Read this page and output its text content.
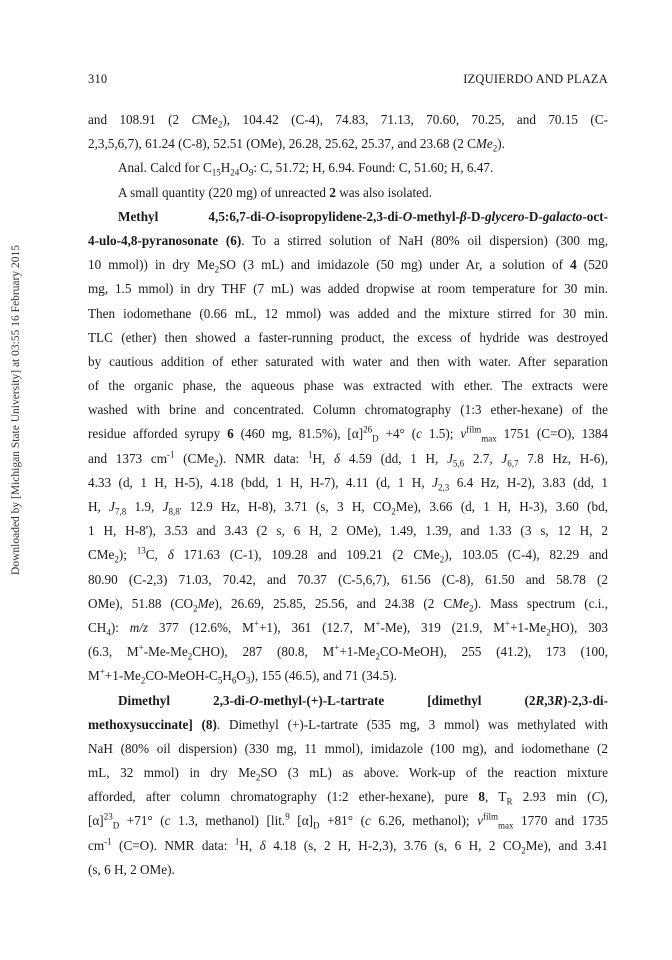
310	IZQUIERDO AND PLAZA
Downloaded by [Michigan State University] at 03:55 16 February 2015
and 108.91 (2 CMe$_2$), 104.42 (C-4), 74.83, 71.13, 70.60, 70.25, and 70.15 (C-
2,3,5,6,7), 61.24 (C-8), 52.51 (OMe), 26.28, 25.62, 25.37, and 23.68 (2 CMe$_2$).
Anal. Calcd for $C_{15}H_{24}O_9$: C, 51.72; H, 6.94. Found: C, 51.60; H, 6.47.
A small quantity (220 mg) of unreacted 2 was also isolated.
Methyl 4,5:6,7-di-O-isopropylidene-2,3-di-O-methyl-β-D-glycero-D-galacto-oct-
4-ulo-4,8-pyranosonate (6). To a stirred solution of NaH (80% oil dispersion) (300 mg,
10 mmol)) in dry $Me_2SO$ (3 mL) and imidazole (50 mg) under Ar, a solution of 4 (520
mg, 1.5 mmol) in dry THF (7 mL) was added dropwise at room temperature for 30 min.
Then iodomethane (0.66 mL, 12 mmol) was added and the mixture stirred for 30 min.
TLC (ether) then showed a faster-running product, the excess of hydride was destroyed
by cautious addition of ether saturated with water and then with water. After separation
of the organic phase, the aqueous phase was extracted with ether. The extracts were
washed with brine and concentrated. Column chromatography (1:3 ether-hexane) of the
residue afforded syrupy 6 (460 mg, 81.5%), $[\alpha]^{26}_D +4^\circ$ (c 1.5); $\nu^{film}_{max}$ 1751 (C=O), 1384
and 1373 $cm^{-1}$ (CMe$_2$). NMR data: $^1$H, δ 4.59 (dd, 1 H, $J_{5,6}$ 2.7, $J_{6,7}$ 7.8 Hz, H-6),
4.33 (d, 1 H, H-5), 4.18 (bdd, 1 H, H-7), 4.11 (d, 1 H, $J_{2,3}$ 6.4 Hz, H-2), 3.83 (dd, 1
H, $J_{7,8}$ 1.9, $J_{8,8'}$ 12.9 Hz, H-8), 3.71 (s, 3 H, $CO_2Me$), 3.66 (d, 1 H, H-3), 3.60 (bd,
1 H, H-8'), 3.53 and 3.43 (2 s, 6 H, 2 OMe), 1.49, 1.39, and 1.33 (3 s, 12 H, 2
CMe$_2$); $^{13}$C, δ 171.63 (C-1), 109.28 and 109.21 (2 CMe$_2$), 103.05 (C-4), 82.29 and
80.90 (C-2,3) 71.03, 70.42, and 70.37 (C-5,6,7), 61.56 (C-8), 61.50 and 58.78 (2
OMe), 51.88 $(CO_2Me)$, 26.69, 25.85, 25.56, and 24.38 (2 CMe$_2$). Mass spectrum (c.i.,
$CH_4$): m/z 377 (12.6%, M++1), 361 (12.7, M+-Me), 319 (21.9, $M^++1-Me_2HO$), 303
(6.3, $M^+-Me-Me_2CHO$), 287 (80.8, $M^++1-Me_2CO-MeOH$), 255 (41.2), 173 (100,
$M^++1-Me_2CO-MeOH-C_5H_6O_3$), 155 (46.5), and 71 (34.5).
Dimethyl 2,3-di-O-methyl-(+)-L-tartrate [dimethyl (2R,3R)-2,3-di-
methoxysuccinate] (8). Dimethyl (+)-L-tartrate (535 mg, 3 mmol) was methylated with
NaH (80% oil dispersion) (330 mg, 11 mmol), imidazole (100 mg), and iodomethane (2
mL, 32 mmol) in dry $Me_2SO$ (3 mL) as above. Work-up of the reaction mixture
afforded, after column chromatography (1:2 ether-hexane), pure 8, $T_R$ 2.93 min (C),
$[\alpha]^{23}_D +71^\circ$ (c 1.3, methanol) [lit.$^9$ $[\alpha]_D +81^\circ$ (c 6.26, methanol); $\nu^{film}_{max}$ 1770 and 1735
$cm^{-1}$ (C=O). NMR data: $^1$H, δ 4.18 (s, 2 H, H-2,3), 3.76 (s, 6 H, 2 $CO_2Me$), and 3.41
(s, 6 H, 2 OMe).
